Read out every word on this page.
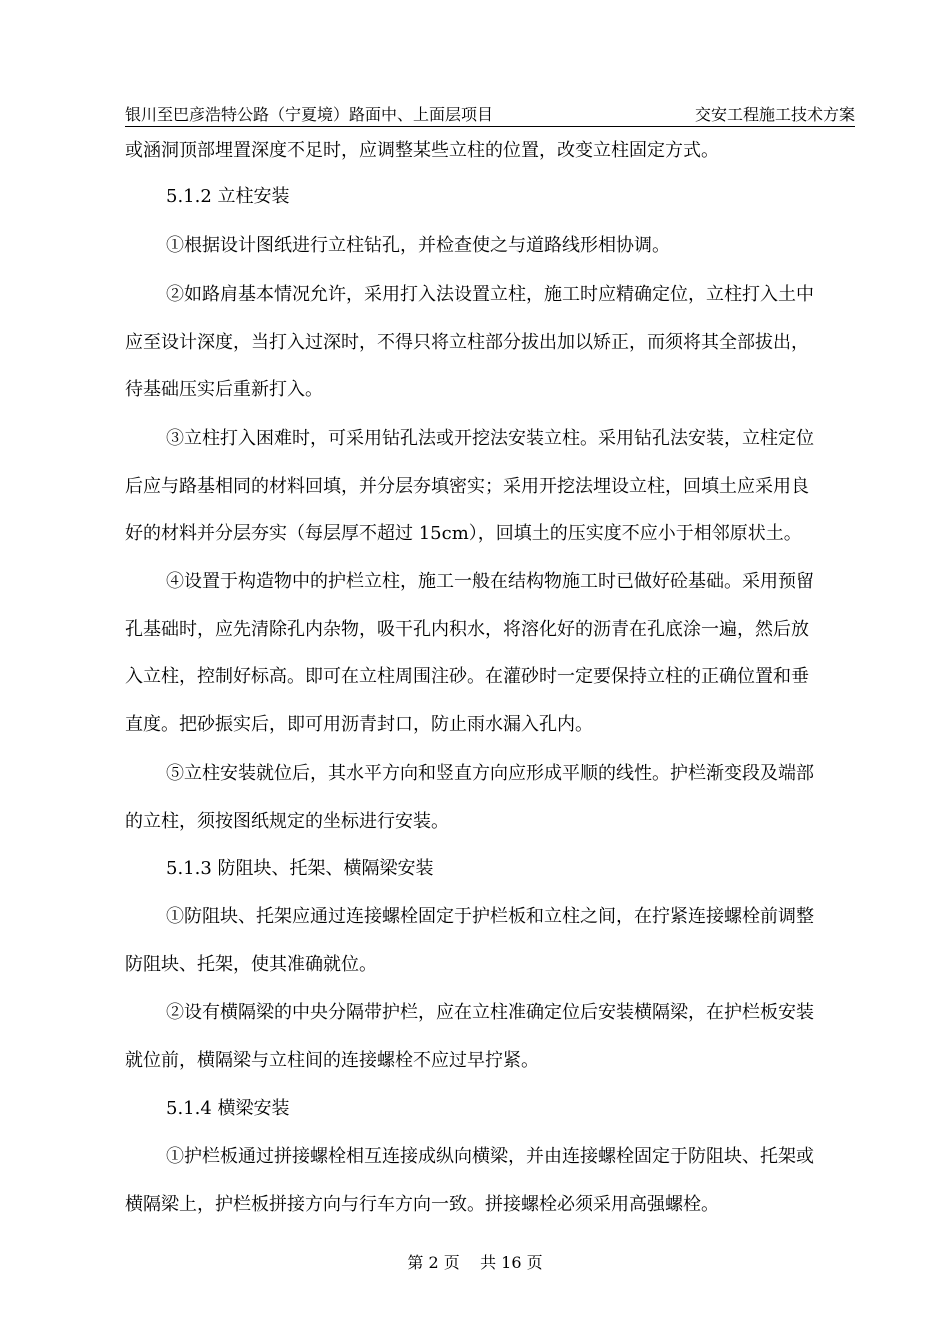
银川至巴彦浩特公路（宁夏境）路面中、上面层项目	交安工程施工技术方案
或涵洞顶部埋置深度不足时，应调整某些立柱的位置，改变立柱固定方式。
5.1.2 立柱安装
①根据设计图纸进行立柱钻孔，并检查使之与道路线形相协调。
②如路肩基本情况允许，采用打入法设置立柱，施工时应精确定位，立柱打入土中
应至设计深度，当打入过深时，不得只将立柱部分拔出加以矫正，而须将其全部拔出，
待基础压实后重新打入。
③立柱打入困难时，可采用钻孔法或开挖法安装立柱。采用钻孔法安装，立柱定位
后应与路基相同的材料回填，并分层夯填密实；采用开挖法埋设立柱，回填土应采用良
好的材料并分层夯实（每层厚不超过 15cm），回填土的压实度不应小于相邻原状土。
④设置于构造物中的护栏立柱，施工一般在结构物施工时已做好砼基础。采用预留
孔基础时，应先清除孔内杂物，吸干孔内积水，将溶化好的沥青在孔底涂一遍，然后放
入立柱，控制好标高。即可在立柱周围注砂。在灌砂时一定要保持立柱的正确位置和垂
直度。把砂振实后，即可用沥青封口，防止雨水漏入孔内。
⑤立柱安装就位后，其水平方向和竖直方向应形成平顺的线性。护栏渐变段及端部
的立柱，须按图纸规定的坐标进行安装。
5.1.3 防阻块、托架、横隔梁安装
①防阻块、托架应通过连接螺栓固定于护栏板和立柱之间，在拧紧连接螺栓前调整
防阻块、托架，使其准确就位。
②设有横隔梁的中央分隔带护栏，应在立柱准确定位后安装横隔梁，在护栏板安装
就位前，横隔梁与立柱间的连接螺栓不应过早拧紧。
5.1.4 横梁安装
①护栏板通过拼接螺栓相互连接成纵向横梁，并由连接螺栓固定于防阻块、托架或
横隔梁上，护栏板拼接方向与行车方向一致。拼接螺栓必须采用高强螺栓。
第 2 页    共 16 页
